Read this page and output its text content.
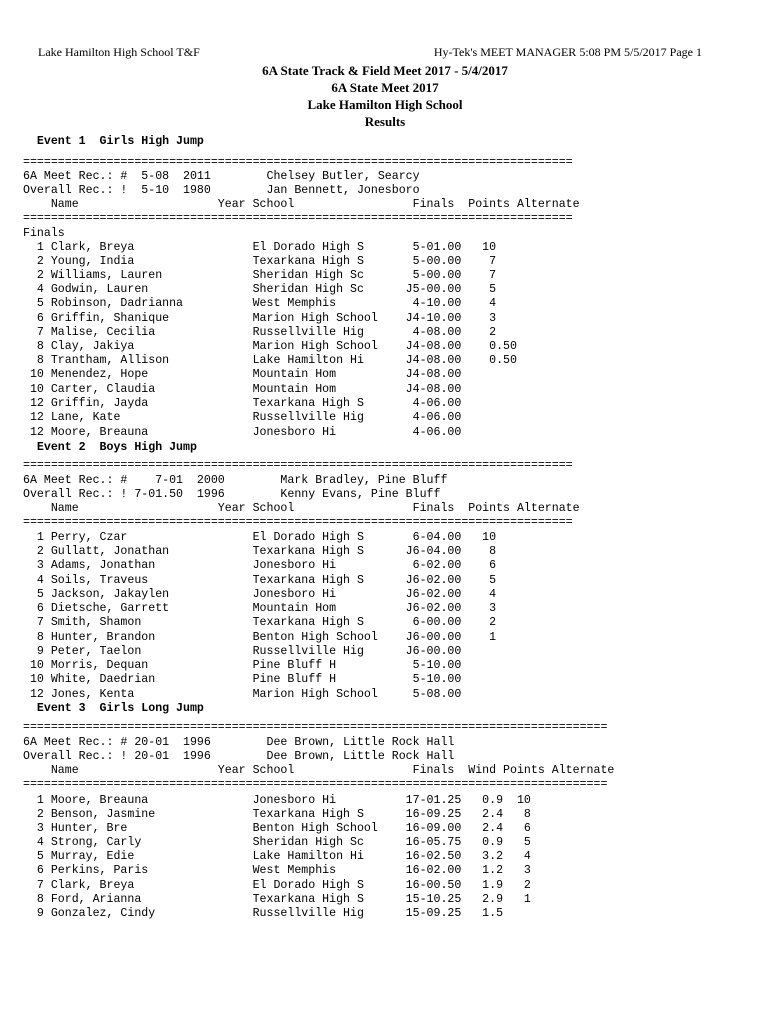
Lake Hamilton High School T&F	Hy-Tek's MEET MANAGER 5:08 PM 5/5/2017 Page 1
6A State Track & Field Meet 2017 - 5/4/2017
6A State Meet 2017
Lake Hamilton High School
Results
Event 1  Girls High Jump
===============================================================================
6A Meet Rec.: #  5-08  2011        Chelsey Butler, Searcy
Overall Rec.: !  5-10  1980        Jan Bennett, Jonesboro
Name                    Year School                 Finals  Points Alternate
===============================================================================
Finals
1 Clark, Breya                 El Dorado High S       5-01.00   10
2 Young, India                 Texarkana High S       5-00.00    7
2 Williams, Lauren             Sheridan High Sc       5-00.00    7
4 Godwin, Lauren               Sheridan High Sc      J5-00.00    5
5 Robinson, Dadrianna          West Memphis           4-10.00    4
6 Griffin, Shanique            Marion High School    J4-10.00    3
7 Malise, Cecilia              Russellville Hig       4-08.00    2
8 Clay, Jakiya                 Marion High School    J4-08.00    0.50
8 Trantham, Allison            Lake Hamilton Hi      J4-08.00    0.50
10 Menendez, Hope               Mountain Hom          J4-08.00
10 Carter, Claudia              Mountain Hom          J4-08.00
12 Griffin, Jayda               Texarkana High S       4-06.00
12 Lane, Kate                   Russellville Hig       4-06.00
12 Moore, Breauna               Jonesboro Hi           4-06.00
Event 2  Boys High Jump
===============================================================================
6A Meet Rec.: #    7-01  2000        Mark Bradley, Pine Bluff
Overall Rec.: ! 7-01.50  1996        Kenny Evans, Pine Bluff
Name                    Year School                 Finals  Points Alternate
===============================================================================
1 Perry, Czar                  El Dorado High S       6-04.00   10
2 Gullatt, Jonathan            Texarkana High S      J6-04.00    8
3 Adams, Jonathan              Jonesboro Hi           6-02.00    6
4 Soils, Traveus               Texarkana High S      J6-02.00    5
5 Jackson, Jakaylen            Jonesboro Hi          J6-02.00    4
6 Dietsche, Garrett            Mountain Hom          J6-02.00    3
7 Smith, Shamon                Texarkana High S       6-00.00    2
8 Hunter, Brandon              Benton High School    J6-00.00    1
9 Peter, Taelon                Russellville Hig      J6-00.00
10 Morris, Dequan               Pine Bluff H           5-10.00
10 White, Daedrian              Pine Bluff H           5-10.00
12 Jones, Kenta                 Marion High School     5-08.00
Event 3  Girls Long Jump
====================================================================================
6A Meet Rec.: # 20-01  1996        Dee Brown, Little Rock Hall
Overall Rec.: ! 20-01  1996        Dee Brown, Little Rock Hall
Name                    Year School                 Finals  Wind Points Alternate
====================================================================================
1 Moore, Breauna               Jonesboro Hi          17-01.25   0.9  10
2 Benson, Jasmine              Texarkana High S      16-09.25   2.4   8
3 Hunter, Bre                  Benton High School    16-09.00   2.4   6
4 Strong, Carly                Sheridan High Sc      16-05.75   0.9   5
5 Murray, Edie                 Lake Hamilton Hi      16-02.50   3.2   4
6 Perkins, Paris               West Memphis          16-02.00   1.2   3
7 Clark, Breya                 El Dorado High S      16-00.50   1.9   2
8 Ford, Arianna                Texarkana High S      15-10.25   2.9   1
9 Gonzalez, Cindy              Russellville Hig      15-09.25   1.5
